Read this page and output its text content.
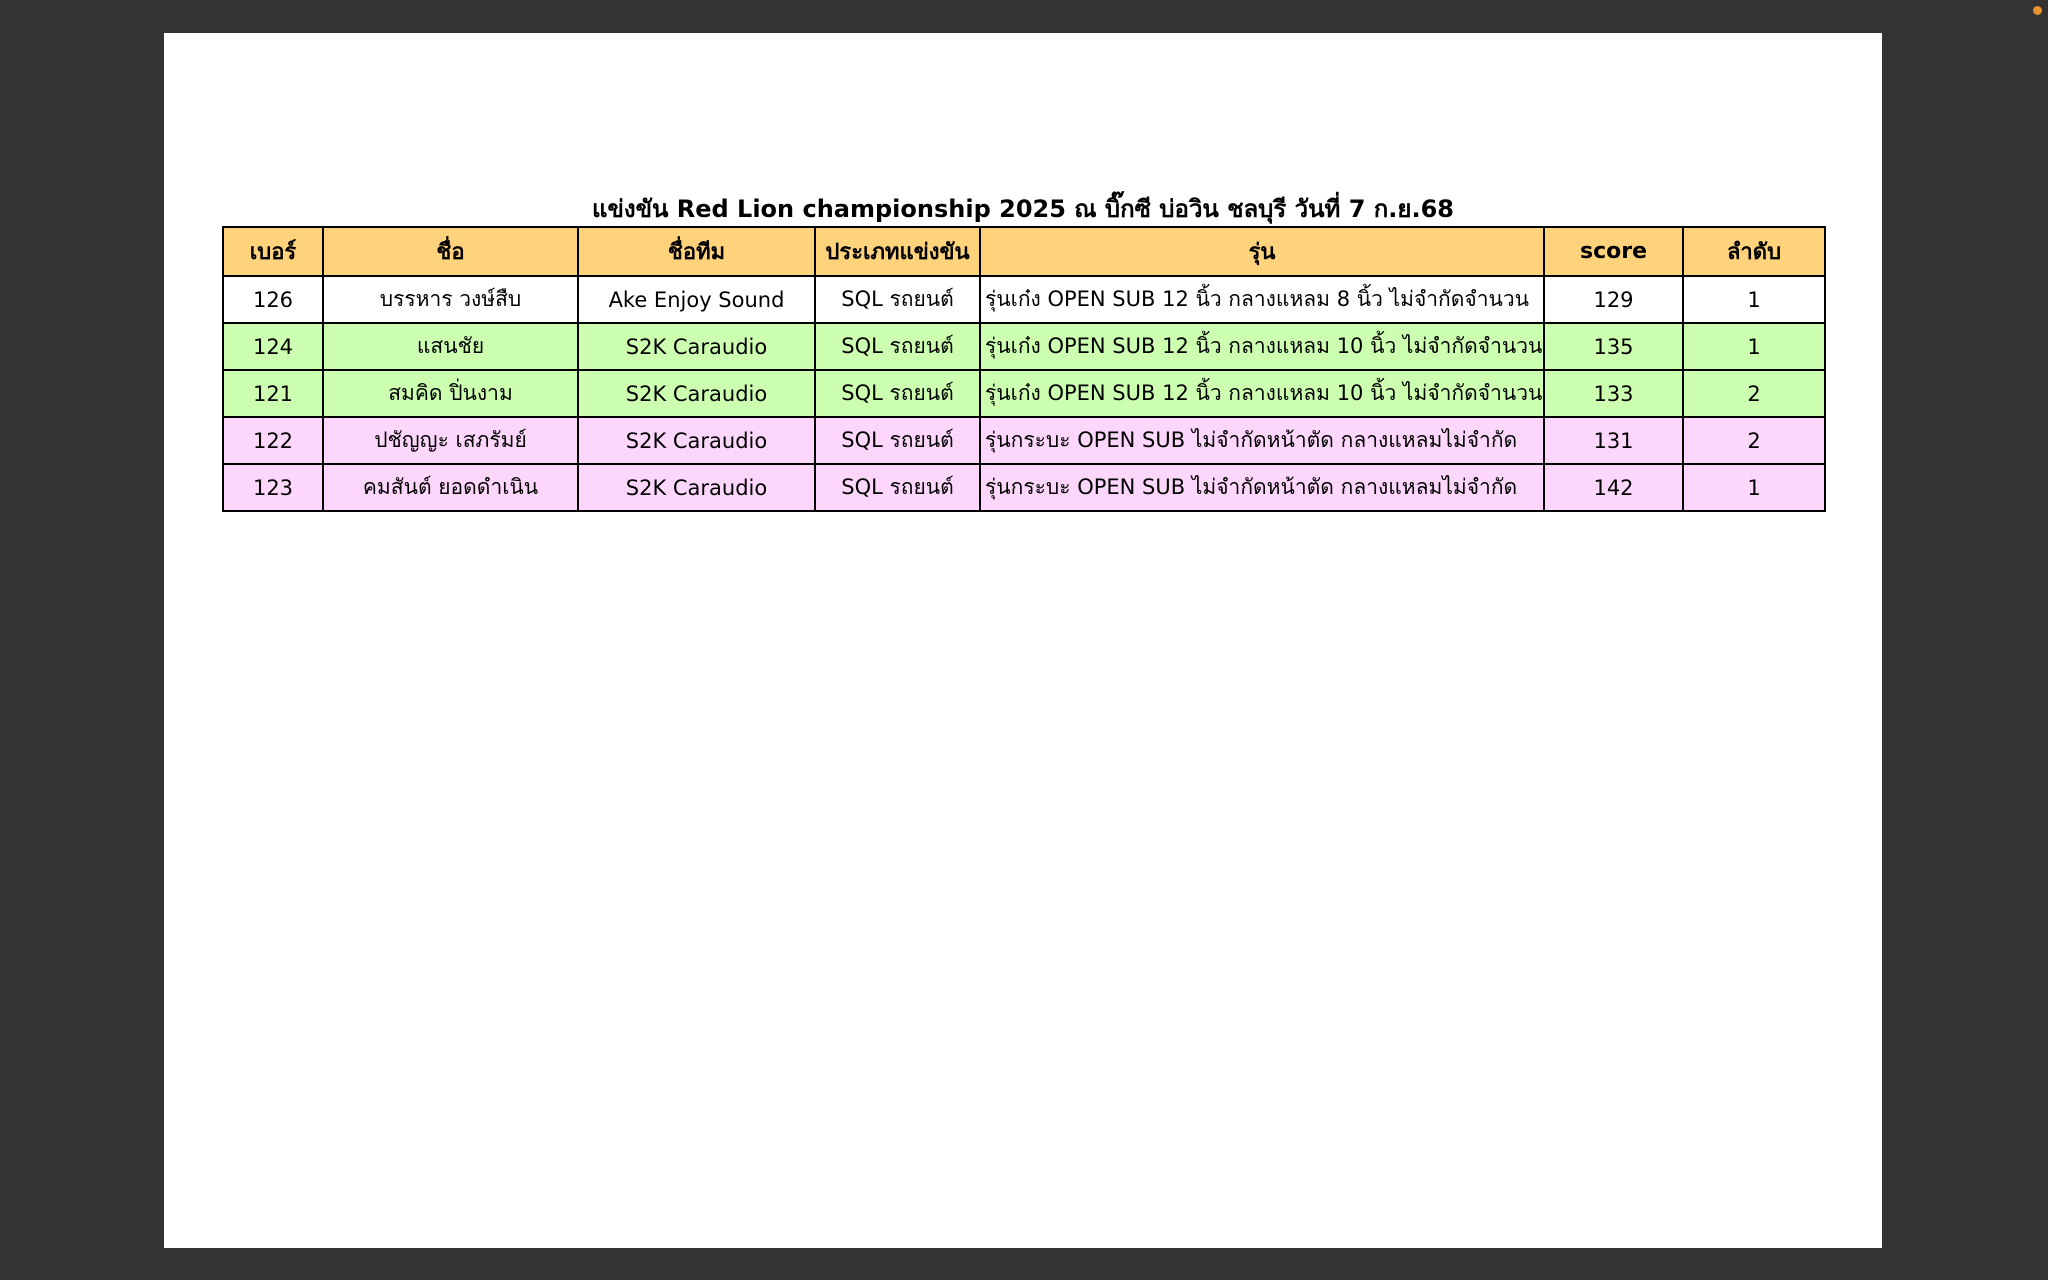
แข่งขัน Red Lion championship 2025 ณ บิ๊กซี บ่อวิน ชลบุรี วันที่ 7 ก.ย.68
เบอร์	ชื่อ	ชื่อทีม	ประเภทแข่งขัน	รุ่น	score	ลำดับ
126	บรรหาร วงษ์สืบ	Ake Enjoy Sound	SQL รถยนต์	รุ่นเก๋ง OPEN SUB 12 นิ้ว กลางแหลม 8 นิ้ว ไม่จำกัดจำนวน	129	1
124	แสนชัย	S2K Caraudio	SQL รถยนต์	รุ่นเก๋ง OPEN SUB 12 นิ้ว กลางแหลม 10 นิ้ว ไม่จำกัดจำนวน	135	1
121	สมคิด ปิ่นงาม	S2K Caraudio	SQL รถยนต์	รุ่นเก๋ง OPEN SUB 12 นิ้ว กลางแหลม 10 นิ้ว ไม่จำกัดจำนวน	133	2
122	ปชัญญะ เสภรัมย์	S2K Caraudio	SQL รถยนต์	รุ่นกระบะ OPEN SUB ไม่จำกัดหน้าตัด กลางแหลมไม่จำกัด	131	2
123	คมสันต์ ยอดดำเนิน	S2K Caraudio	SQL รถยนต์	รุ่นกระบะ OPEN SUB ไม่จำกัดหน้าตัด กลางแหลมไม่จำกัด	142	1
